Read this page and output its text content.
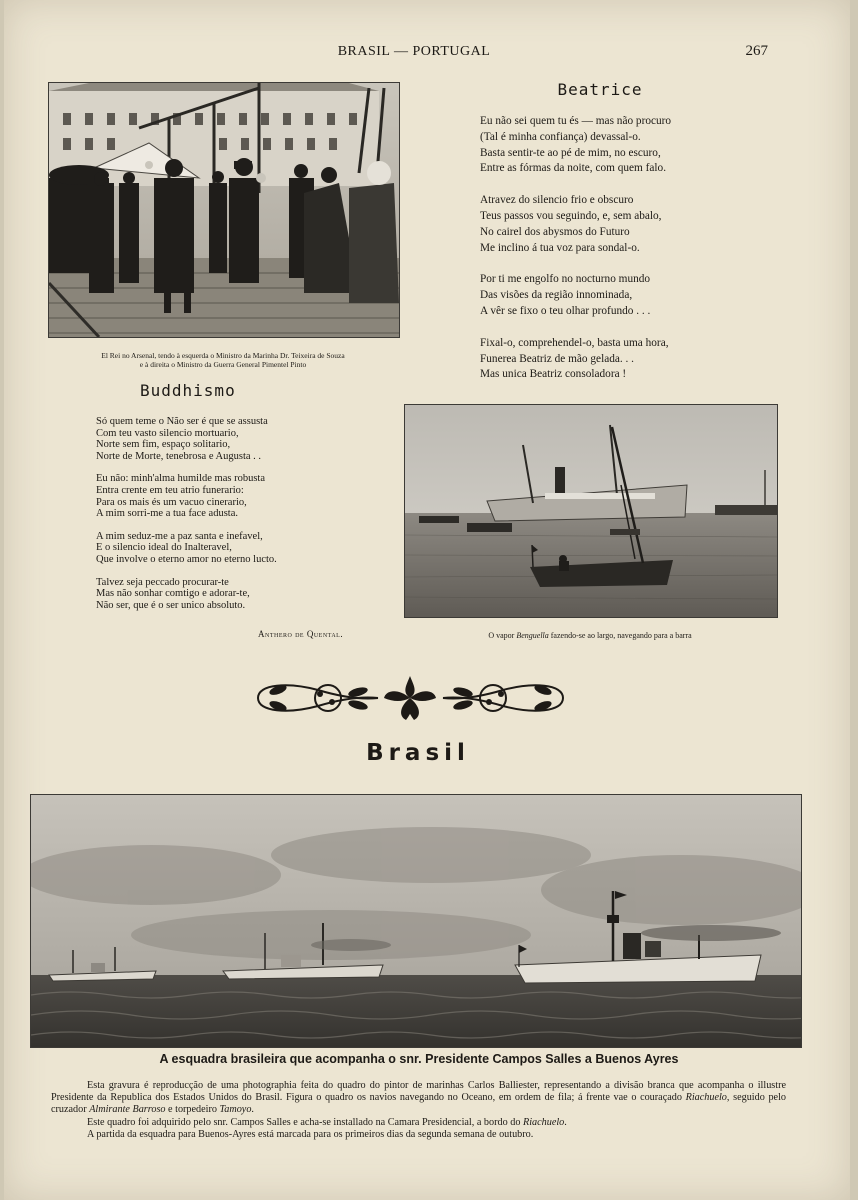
BRASIL — PORTUGAL	267
El Rei no Arsenal, tendo à esquerda o Ministro da Marinha Dr. Teixeira de Souza
e à direita o Ministro da Guerra General Pimentel Pinto
Beatrice
Eu não sei quem tu és — mas não procuro
(Tal é minha confiança) devassal-o.
Basta sentir-te ao pé de mim, no escuro,
Entre as fórmas da noite, com quem falo.
Atravez do silencio frio e obscuro
Teus passos vou seguindo, e, sem abalo,
No cairel dos abysmos do Futuro
Me inclino á tua voz para sondal-o.
Por ti me engolfo no nocturno mundo
Das visões da região innominada,
A vêr se fixo o teu olhar profundo . . .
Fixal-o, comprehendel-o, basta uma hora,
Funerea Beatriz de mão gelada. . .
Mas unica Beatriz consoladora !
Buddhismo
Só quem teme o Não ser é que se assusta
Com teu vasto silencio mortuario,
Norte sem fim, espaço solitario,
Norte de Morte, tenebrosa e Augusta . .
Eu não: minh'alma humilde mas robusta
Entra crente em teu atrio funerario:
Para os mais és um vacuo cinerario,
A mim sorri-me a tua face adusta.
A mim seduz-me a paz santa e inefavel,
E o silencio ideal do Inalteravel,
Que involve o eterno amor no eterno lucto.
Talvez seja peccado procurar-te
Mas não sonhar comtigo e adorar-te,
Não ser, que é o ser unico absoluto.
Anthero de Quental.	O vapor Benguella fazendo-se ao largo, navegando para a barra
Brasil
A esquadra brasileira que acompanha o snr. Presidente Campos Salles a Buenos Ayres

Esta gravura é reproducção de uma photographia feita do quadro do pintor de marinhas Carlos Balliester, representando a divisão branca que acompanha o illustre Presidente da Republica dos Estados Unidos do Brasil. Figura o quadro os navios navegando no Oceano, em ordem de fila; á frente vae o couraçado Riachuelo, seguido pelo cruzador Almirante Barroso e torpedeiro Tamoyo.

Este quadro foi adquirido pelo snr. Campos Salles e acha-se installado na Camara Presidencial, a bordo do Riachuelo.

A partida da esquadra para Buenos-Ayres está marcada para os primeiros dias da segunda semana de outubro.
